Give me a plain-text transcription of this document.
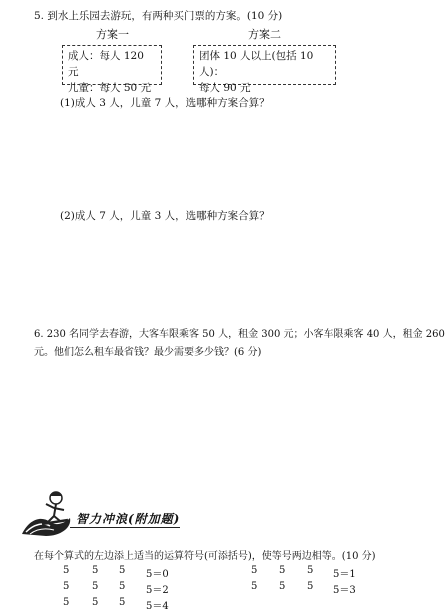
5. 到水上乐园去游玩，有两种买门票的方案。(10 分)
方案一	方案二
成人：每人 120 元
儿童：每人 50 元
团体 10 人以上(包括 10 人)：
每人 90 元
(1)成人 3 人，儿童 7 人，选哪种方案合算？
(2)成人 7 人，儿童 3 人，选哪种方案合算？
6. 230 名同学去春游，大客车限乘客 50 人，租金 300 元；小客车限乘客 40 人，租金 260
元。他们怎么租车最省钱？最少需要多少钱？(6 分)
智力冲浪(附加题)
在每个算式的左边添上适当的运算符号(可添括号)，使等号两边相等。(10 分)
5 5 5 5＝0
5 5 5 5＝2
5 5 5 5＝4
5 5 5 5＝1
5 5 5 5＝3
